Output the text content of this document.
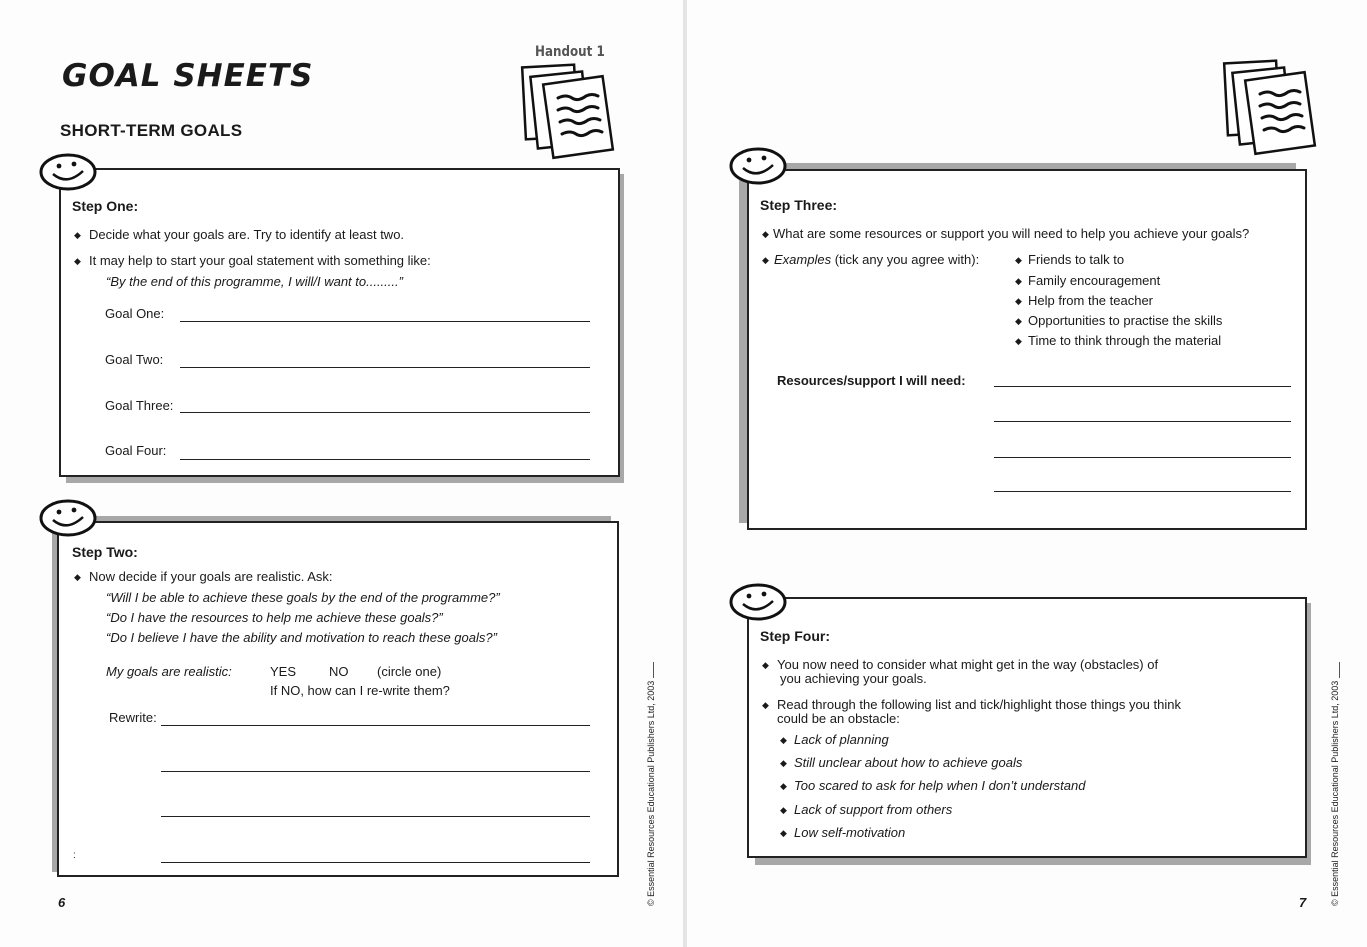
GOAL SHEETS
SHORT-TERM GOALS
Handout 1
Step One:
◆ Decide what your goals are. Try to identify at least two.
◆ It may help to start your goal statement with something like:
“By the end of this programme, I will/I want to.........”
Goal One:
Goal Two:
Goal Three:
Goal Four:
Step Two:
◆ Now decide if your goals are realistic. Ask:
“Will I be able to achieve these goals by the end of the programme?”
“Do I have the resources to help me achieve these goals?”
“Do I believe I have the ability and motivation to reach these goals?”
My goals are realistic:	YES	NO (circle one)
If NO, how can I re-write them?
Rewrite:
:
6	© Essential Resources Educational Publishers Ltd, 2003
Step Three:
◆ What are some resources or support you will need to help you achieve your goals?
◆ Examples (tick any you agree with):	◆ Friends to talk to
◆ Family encouragement
◆ Help from the teacher
◆ Opportunities to practise the skills
◆ Time to think through the material
Resources/support I will need:
Step Four:
◆ You now need to consider what might get in the way (obstacles) of
you achieving your goals.
◆ Read through the following list and tick/highlight those things you think
could be an obstacle:
◆ Lack of planning
◆ Still unclear about how to achieve goals
◆ Too scared to ask for help when I don’t understand
◆ Lack of support from others
◆ Low self-motivation
7	© Essential Resources Educational Publishers Ltd, 2003
